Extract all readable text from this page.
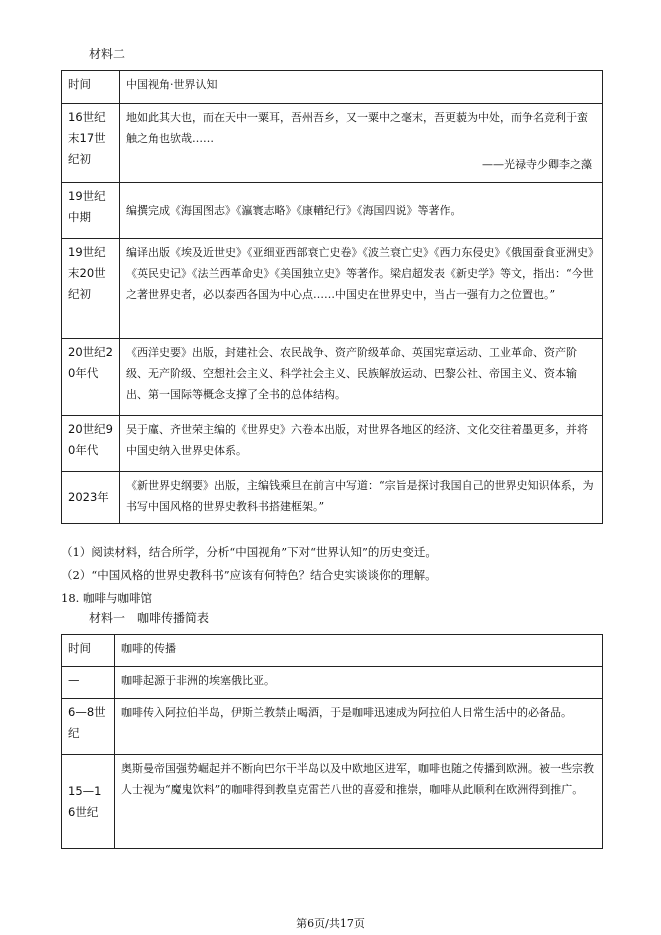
材料二
时间	中国视角·世界认知
16世纪末17世纪初	地如此其大也，而在天中一粟耳，吾州吾乡，又一粟中之毫末，吾更藐为中处，而争名竞利于蛮触之角也欤哉……
——光禄寺少卿李之藻

19世纪中期	编撰完成《海国图志》《瀛寰志略》《康輶纪行》《海国四说》等著作。
19世纪末20世纪初	编译出版《埃及近世史》《亚细亚西部衰亡史卷》《波兰衰亡史》《西力东侵史》《俄国蚕食亚洲史》《英民史记》《法兰西革命史》《美国独立史》等著作。梁启超发表《新史学》等文，指出：“今世之著世界史者，必以泰西各国为中心点……中国史在世界史中，当占一强有力之位置也。”
20世纪20年代	《西洋史要》出版，封建社会、农民战争、资产阶级革命、英国宪章运动、工业革命、资产阶级、无产阶级、空想社会主义、科学社会主义、民族解放运动、巴黎公社、帝国主义、资本输出、第一国际等概念支撑了全书的总体结构。
20世纪90年代	吴于廑、齐世荣主编的《世界史》六卷本出版，对世界各地区的经济、文化交往着墨更多，并将中国史纳入世界史体系。
2023年	《新世界史纲要》出版，主编钱乘旦在前言中写道：“宗旨是探讨我国自己的世界史知识体系，为书写中国风格的世界史教科书搭建框架。”
（1）阅读材料，结合所学，分析“中国视角”下对“世界认知”的历史变迁。
（2）“中国风格的世界史教科书”应该有何特色？结合史实谈谈你的理解。
18. 咖啡与咖啡馆
材料一　咖啡传播简表
时间	咖啡的传播
—	咖啡起源于非洲的埃塞俄比亚。
6—8世纪	咖啡传入阿拉伯半岛，伊斯兰教禁止喝酒，于是咖啡迅速成为阿拉伯人日常生活中的必备品。
15—16世纪	奥斯曼帝国强势崛起并不断向巴尔干半岛以及中欧地区进军，咖啡也随之传播到欧洲。被一些宗教人士视为“魔鬼饮料”的咖啡得到教皇克雷芒八世的喜爱和推崇，咖啡从此顺利在欧洲得到推广。
第6页/共17页
